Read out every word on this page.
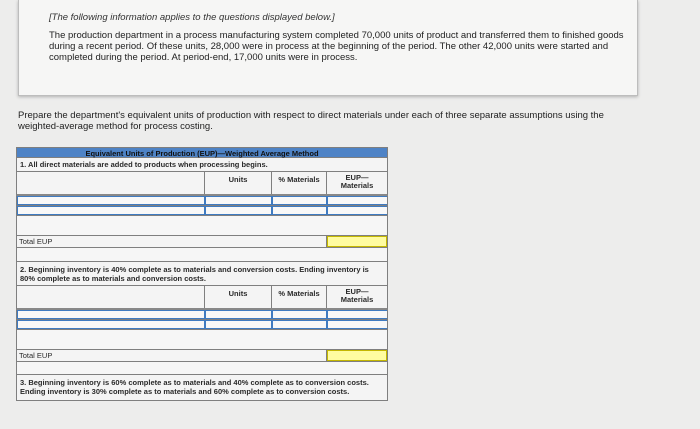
[The following information applies to the questions displayed below.]
The production department in a process manufacturing system completed 70,000 units of product and transferred them to finished goods during a recent period. Of these units, 28,000 were in process at the beginning of the period. The other 42,000 units were started and completed during the period. At period-end, 17,000 units were in process.
Prepare the department's equivalent units of production with respect to direct materials under each of three separate assumptions using the weighted-average method for process costing.
Equivalent Units of Production (EUP)—Weighted Average Method
1. All direct materials are added to products when processing begins.
Units	% Materials	EUP—
Materials
Total EUP
2. Beginning inventory is 40% complete as to materials and conversion costs. Ending inventory is 80% complete as to materials and conversion costs.
Units	% Materials	EUP—
Materials
Total EUP
3. Beginning inventory is 60% complete as to materials and 40% complete as to conversion costs. Ending inventory is 30% complete as to materials and 60% complete as to conversion costs.
